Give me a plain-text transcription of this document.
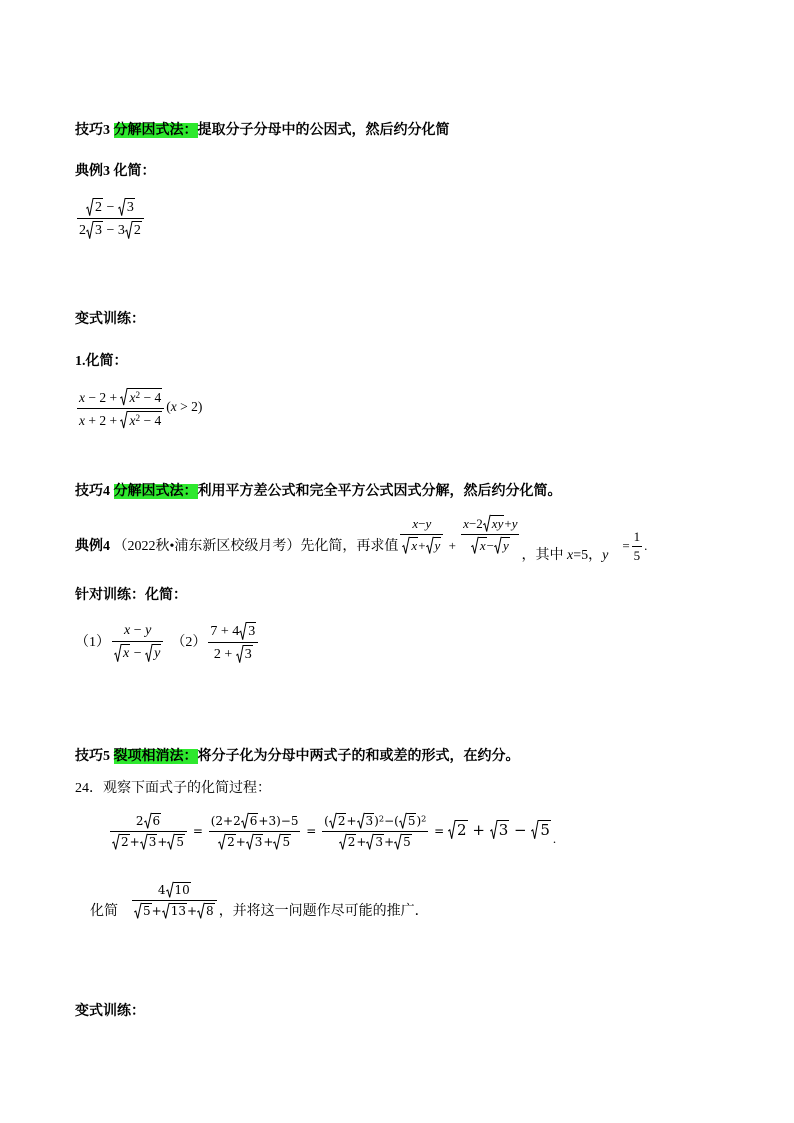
技巧3 分解因式法：提取分子分母中的公因式，然后约分化简
典例3 化简：
2 −
3
2 3 − 3 2
变式训练：
1.化简：
x − 2 +
$x^2 - 4$
x + 2 +
$x^2 - 4$ (x > 2)
技巧4 分解因式法：利用平方差公式和完全平方公式因式分解，然后约分化简。
典例4 （2022秋•浦东新区校级月考）先化简，再求值 $\frac{x-y}{x+ y} + \frac{x-2 xy+y}{x- y}$
，其中 x=5，$y= \frac{1}{5}$ .
针对训练：化简：
（1） x − y
x −
y （2） 7 + 4 3
2 +
3
技巧5 裂项相消法：将分子化为分母中两式子的和或差的形式，在约分。
24．观察下面式子的化简过程：
$\frac{2 6}{2+ 3+ 5} = \frac{(2+2 6+3)-5}{2+ 3+ 5} = \frac{( 2+ 3)^2-( 5)^2}{2+ 3+ 5}$ =
2 +
3 −
5 .
化简 $\frac{4 10}{5+ 13+ 8}$ ，并将这一问题作尽可能的推广．
变式训练：
